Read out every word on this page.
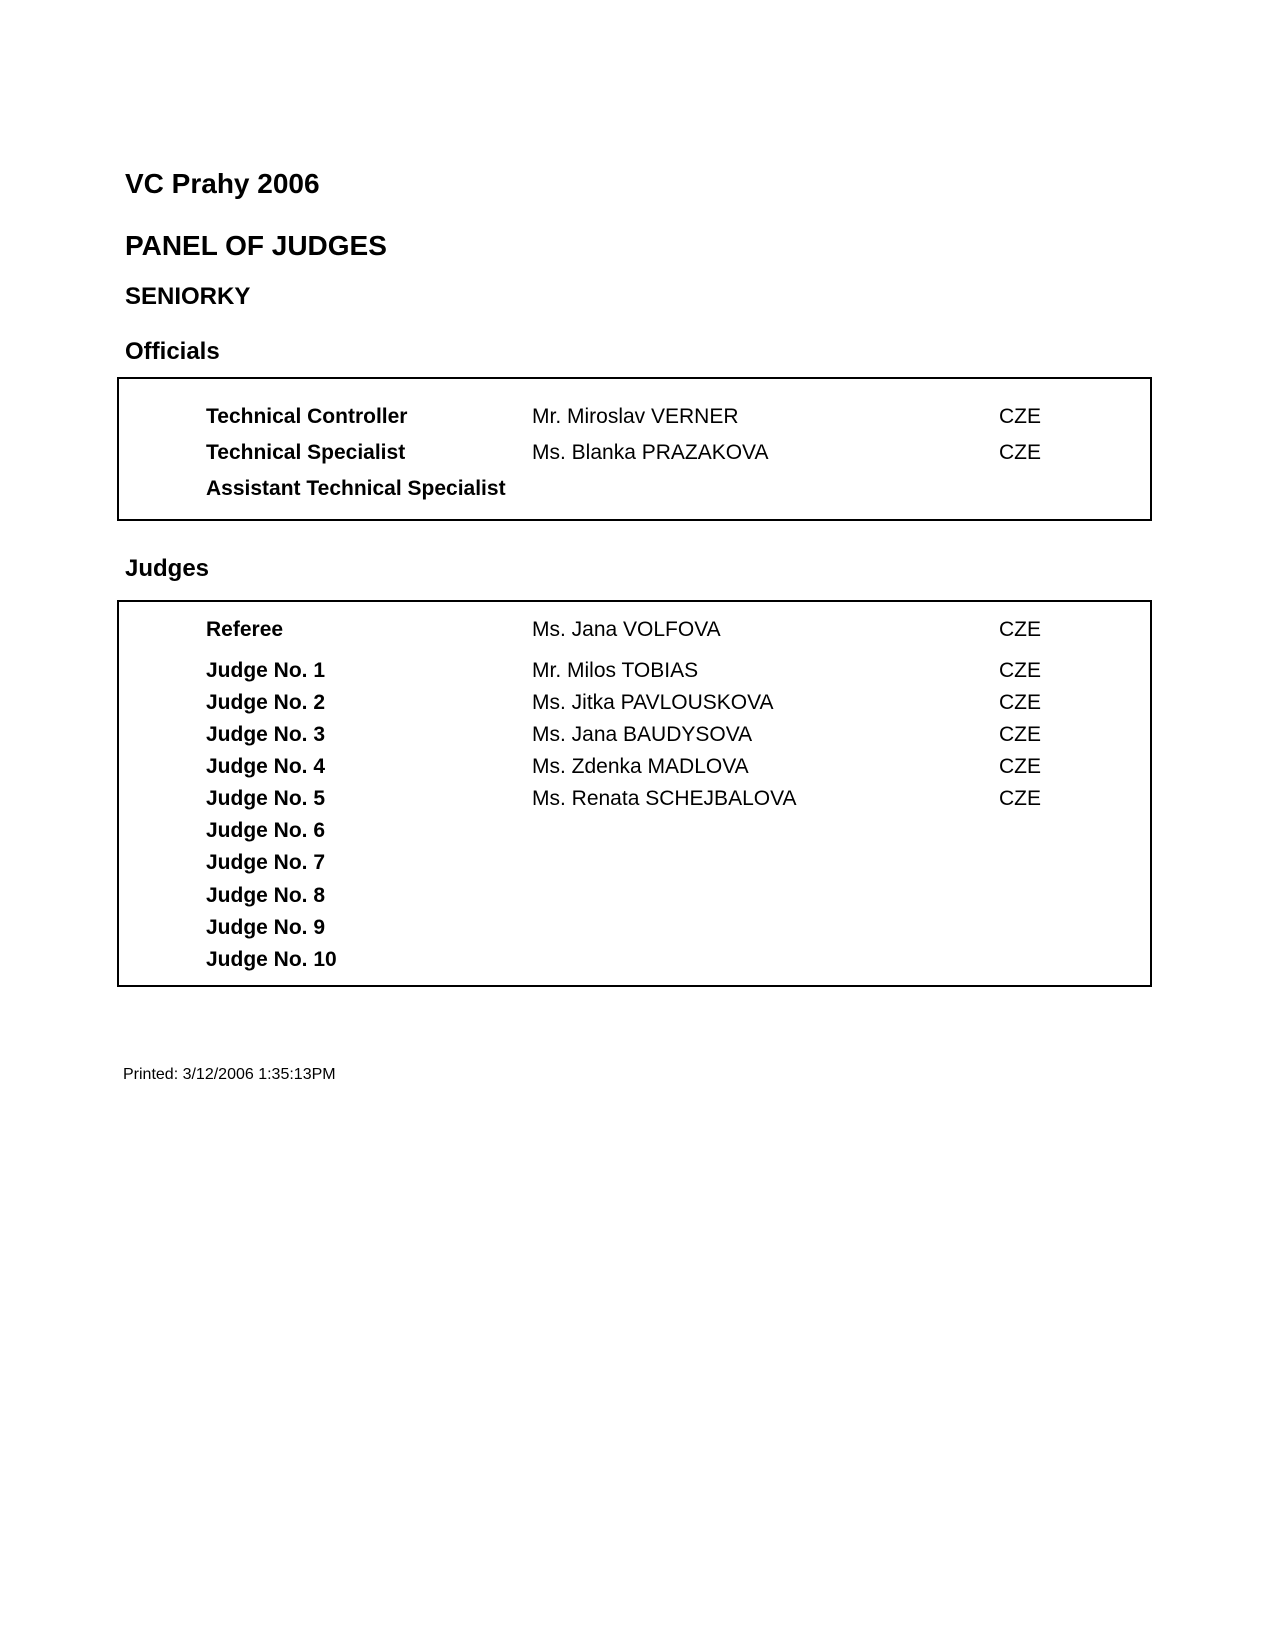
VC Prahy 2006
PANEL OF JUDGES
SENIORKY
Officials
Technical Controller	Mr. Miroslav VERNER	CZE
Technical Specialist	Ms. Blanka PRAZAKOVA	CZE
Assistant Technical Specialist
Judges
Referee	Ms. Jana VOLFOVA	CZE
Judge No. 1	Mr. Milos TOBIAS	CZE
Judge No. 2	Ms. Jitka PAVLOUSKOVA	CZE
Judge No. 3	Ms. Jana BAUDYSOVA	CZE
Judge No. 4	Ms. Zdenka MADLOVA	CZE
Judge No. 5	Ms. Renata SCHEJBALOVA	CZE
Judge No. 6
Judge No. 7
Judge No. 8
Judge No. 9
Judge No. 10
Printed: 3/12/2006 1:35:13PM
